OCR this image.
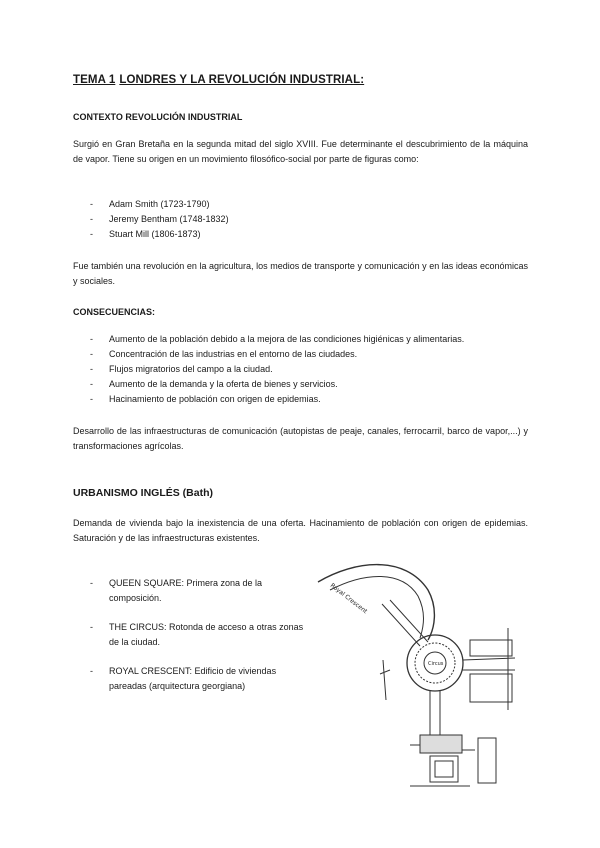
TEMA 1 LONDRES Y LA REVOLUCIÓN INDUSTRIAL:
CONTEXTO REVOLUCIÓN INDUSTRIAL
Surgió en Gran Bretaña en la segunda mitad del siglo XVIII. Fue determinante el descubrimiento de la máquina de vapor. Tiene su origen en un movimiento filosófico-social por parte de figuras como:
- Adam Smith (1723-1790)
- Jeremy Bentham (1748-1832)
- Stuart Mill (1806-1873)
Fue también una revolución en la agricultura, los medios de transporte y comunicación y en las ideas económicas y sociales.
CONSECUENCIAS:
- Aumento de la población debido a la mejora de las condiciones higiénicas y alimentarias.
- Concentración de las industrias en el entorno de las ciudades.
- Flujos migratorios del campo a la ciudad.
- Aumento de la demanda y la oferta de bienes y servicios.
- Hacinamiento de población con origen de epidemias.
Desarrollo de las infraestructuras de comunicación (autopistas de peaje, canales, ferrocarril, barco de vapor,...) y transformaciones agrícolas.
URBANISMO INGLÉS (Bath)
Demanda de vivienda bajo la inexistencia de una oferta. Hacinamiento de población con origen de epidemias. Saturación y de las infraestructuras existentes.
- QUEEN SQUARE: Primera zona de la composición.
- THE CIRCUS: Rotonda de acceso a otras zonas de la ciudad.
- ROYAL CRESCENT: Edificio de viviendas pareadas (arquitectura georgiana)
Royal Crescent
Circus
